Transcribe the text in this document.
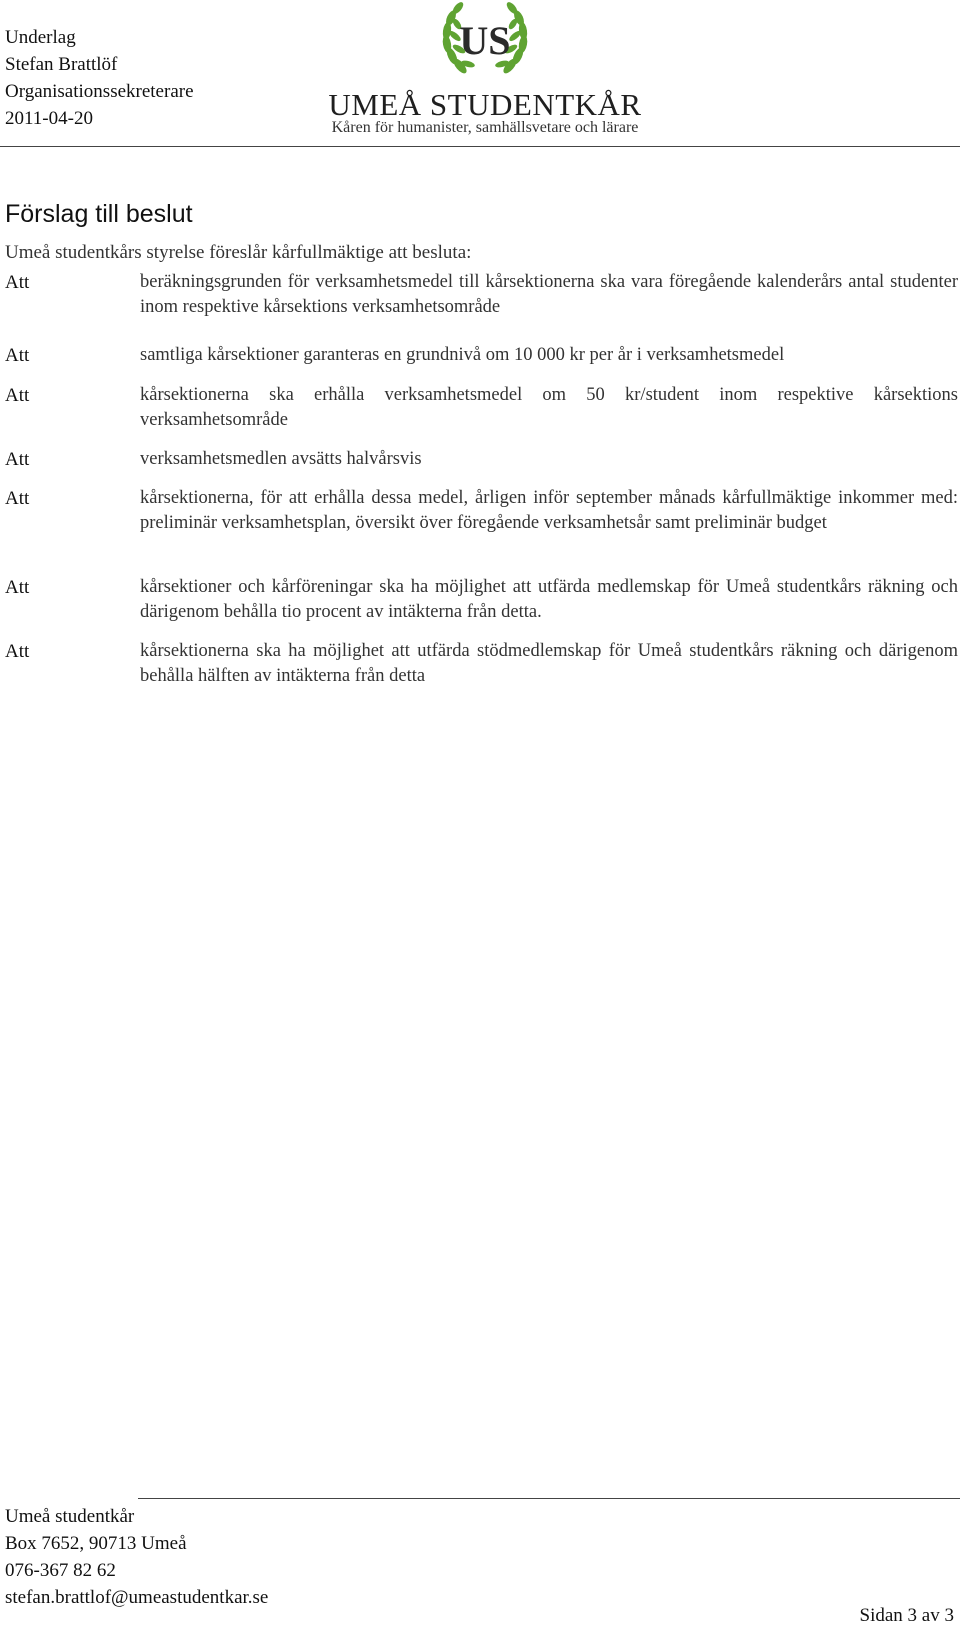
Underlag
Stefan Brattlöf
Organisationssekreterare
2011-04-20
US
UMEÅ STUDENTKÅR
Kåren för humanister, samhällsvetare och lärare
Förslag till beslut
Umeå studentkårs styrelse föreslår kårfullmäktige att besluta:
Att	beräkningsgrunden för verksamhetsmedel till kårsektionerna ska vara föregående kalenderårs antal studenter inom respektive kårsektions verksamhetsområde
Att	samtliga kårsektioner garanteras en grundnivå om 10 000 kr per år i verksamhetsmedel
Att	kårsektionerna ska erhålla verksamhetsmedel om 50 kr/student inom respektive kårsektions verksamhetsområde
Att	verksamhetsmedlen avsätts halvårsvis
Att	kårsektionerna, för att erhålla dessa medel, årligen inför september månads kårfullmäktige inkommer med: preliminär verksamhetsplan, översikt över föregående verksamhetsår samt preliminär budget
Att	kårsektioner och kårföreningar ska ha möjlighet att utfärda medlemskap för Umeå studentkårs räkning och därigenom behålla tio procent av intäkterna från detta.
Att	kårsektionerna ska ha möjlighet att utfärda stödmedlemskap för Umeå studentkårs räkning och därigenom behålla hälften av intäkterna från detta
Umeå studentkår
Box 7652, 90713 Umeå
076-367 82 62
stefan.brattlof@umeastudentkar.se
Sidan 3 av 3
